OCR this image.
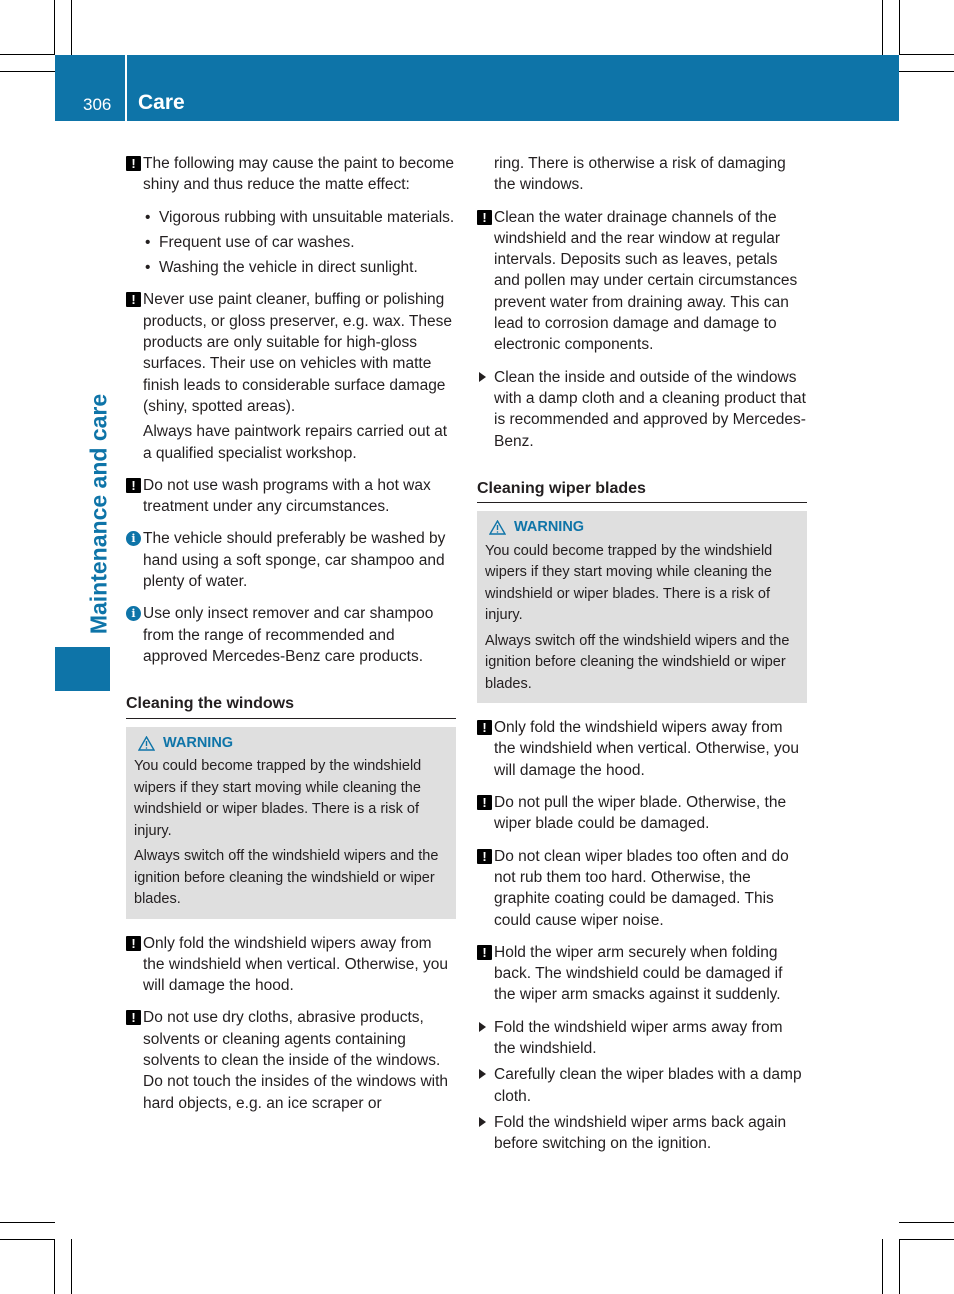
306 Care
Maintenance and care
! The following may cause the paint to become shiny and thus reduce the matte effect:
• Vigorous rubbing with unsuitable materials.
• Frequent use of car washes.
• Washing the vehicle in direct sunlight.
! Never use paint cleaner, buffing or polishing products, or gloss preserver, e.g. wax. These products are only suitable for high-gloss surfaces. Their use on vehicles with matte finish leads to considerable surface damage (shiny, spotted areas).
Always have paintwork repairs carried out at a qualified specialist workshop.
! Do not use wash programs with a hot wax treatment under any circumstances.
i The vehicle should preferably be washed by hand using a soft sponge, car shampoo and plenty of water.
i Use only insect remover and car shampoo from the range of recommended and approved Mercedes-Benz care products.
Cleaning the windows
WARNING

You could become trapped by the windshield wipers if they start moving while cleaning the windshield or wiper blades. There is a risk of injury.

Always switch off the windshield wipers and the ignition before cleaning the windshield or wiper blades.

! Only fold the windshield wipers away from the windshield when vertical. Otherwise, you will damage the hood.
! Do not use dry cloths, abrasive products, solvents or cleaning agents containing solvents to clean the inside of the windows. Do not touch the insides of the windows with hard objects, e.g. an ice scraper or
ring. There is otherwise a risk of damaging the windows.
! Clean the water drainage channels of the windshield and the rear window at regular intervals. Deposits such as leaves, petals and pollen may under certain circumstances prevent water from draining away. This can lead to corrosion damage and damage to electronic components.
Clean the inside and outside of the windows with a damp cloth and a cleaning product that is recommended and approved by Mercedes-Benz.
Cleaning wiper blades
WARNING

You could become trapped by the windshield wipers if they start moving while cleaning the windshield or wiper blades. There is a risk of injury.

Always switch off the windshield wipers and the ignition before cleaning the windshield or wiper blades.

! Only fold the windshield wipers away from the windshield when vertical. Otherwise, you will damage the hood.
! Do not pull the wiper blade. Otherwise, the wiper blade could be damaged.
! Do not clean wiper blades too often and do not rub them too hard. Otherwise, the graphite coating could be damaged. This could cause wiper noise.
! Hold the wiper arm securely when folding back. The windshield could be damaged if the wiper arm smacks against it suddenly.
Fold the windshield wiper arms away from the windshield.
Carefully clean the wiper blades with a damp cloth.
Fold the windshield wiper arms back again before switching on the ignition.
